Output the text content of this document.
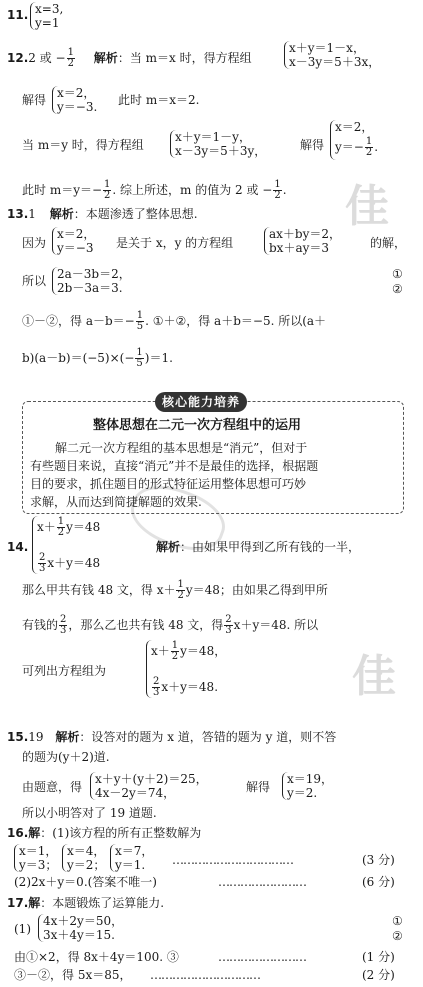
佳
佳
11. x=3,
y=1
12.2 或 − $\frac{1}{2}$ 解析：当 m＝x 时，得方程组
x＋y＝1－x，
x－3y＝5＋3x，
解得 x＝2，
y＝−3. 此时 m＝x＝2.
当 m＝y 时，得方程组
x＋y＝1－y，
x－3y＝5＋3y，	解得
x＝2，
$y=- \frac{1}{2}$ .
此时 $m=y=- \frac{1}{2}$ . 综上所述，m 的值为 2 或 − $\frac{1}{2}$ .
13.1 解析：本题渗透了整体思想.
因为
x＝2，
y＝−3 是关于 x，y 的方程组
ax＋by＝2，
bx＋ay＝3	的解，
所以 2a－3b＝2，
2b－3a＝3.
①
②
①－②，得 $a-b=- \frac{1}{5}$ . ①＋②，得 a＋b＝−5. 所以(a＋
$b)(a-b)=(-5)\times(- \frac{1}{5} )=1$.
核心能力培养
整体思想在二元一次方程组中的运用
解二元一次方程组的基本思想是“消元”，但对于
有些题目来说，直接“消元”并不是最佳的选择，根据题
目的要求，抓住题目的形式特征运用整体思想可巧妙
求解，从而达到简捷解题的效果.
14.
$x+ \frac{1}{2} y=48$
$\frac{2}{3} x+y=48$
解析：由如果甲得到乙所有钱的一半，
那么甲共有钱 48 文，得 $x+ \frac{1}{2} y=48$；由如果乙得到甲所
有钱的 $\frac{2}{3}$ ，那么乙也共有钱 48 文，得 $\frac{2}{3} x+y=48$. 所以
可列出方程组为
$x+ \frac{1}{2} y=48$，
$\frac{2}{3} x+y=48$.
15.19 解析：设答对的题为 x 道，答错的题为 y 道，则不答
的题为(y＋2)道.
由题意，得
x＋y＋(y＋2)＝25，
4x－2y＝74，	解得
x＝19，
y＝2.
所以小明答对了 19 道题.
16.解：(1)该方程的所有正整数解为
x＝1，
y＝3；
x＝4，
y＝2；
x＝7，
y＝1.	……………………………	(3 分)
(2)2x＋y＝0.(答案不唯一)	……………………	(6 分)
17.解：本题锻炼了运算能力.
(1)
4x＋2y＝50，
3x＋4y＝15.
①
②
由①×2，得 8x＋4y＝100. ③	……………………	(1 分)
③－②，得 5x＝85， …………………………	(2 分)
